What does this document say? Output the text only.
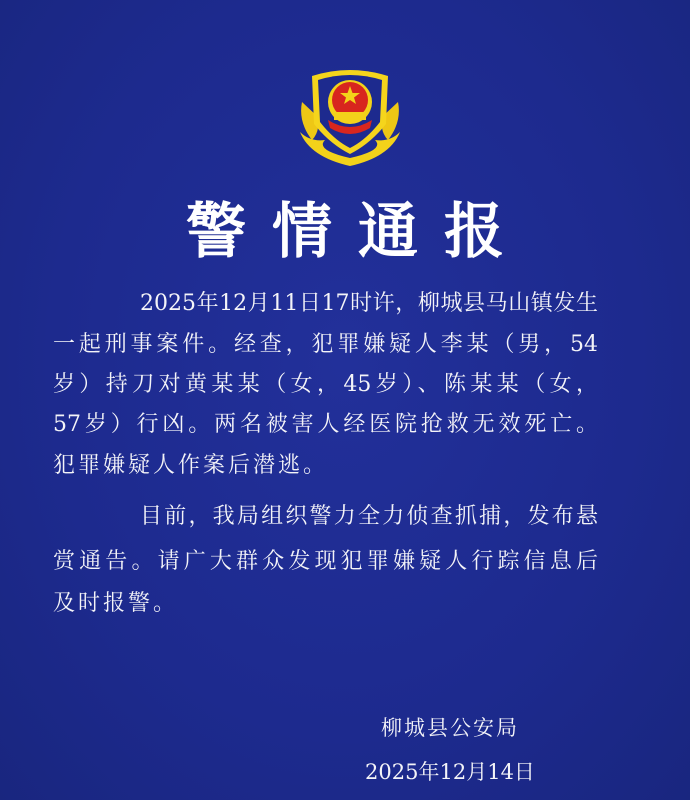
警情通报
2025年12月11日17时许，柳城县马山镇发生
一起刑事案件。经查，犯罪嫌疑人李某（男，54
岁）持刀对黄某某（女，45岁）、陈某某（女，
57岁）行凶。两名被害人经医院抢救无效死亡。
犯罪嫌疑人作案后潜逃。
目前，我局组织警力全力侦查抓捕，发布悬
赏通告。请广大群众发现犯罪嫌疑人行踪信息后
及时报警。
柳城县公安局
2025年12月14日
